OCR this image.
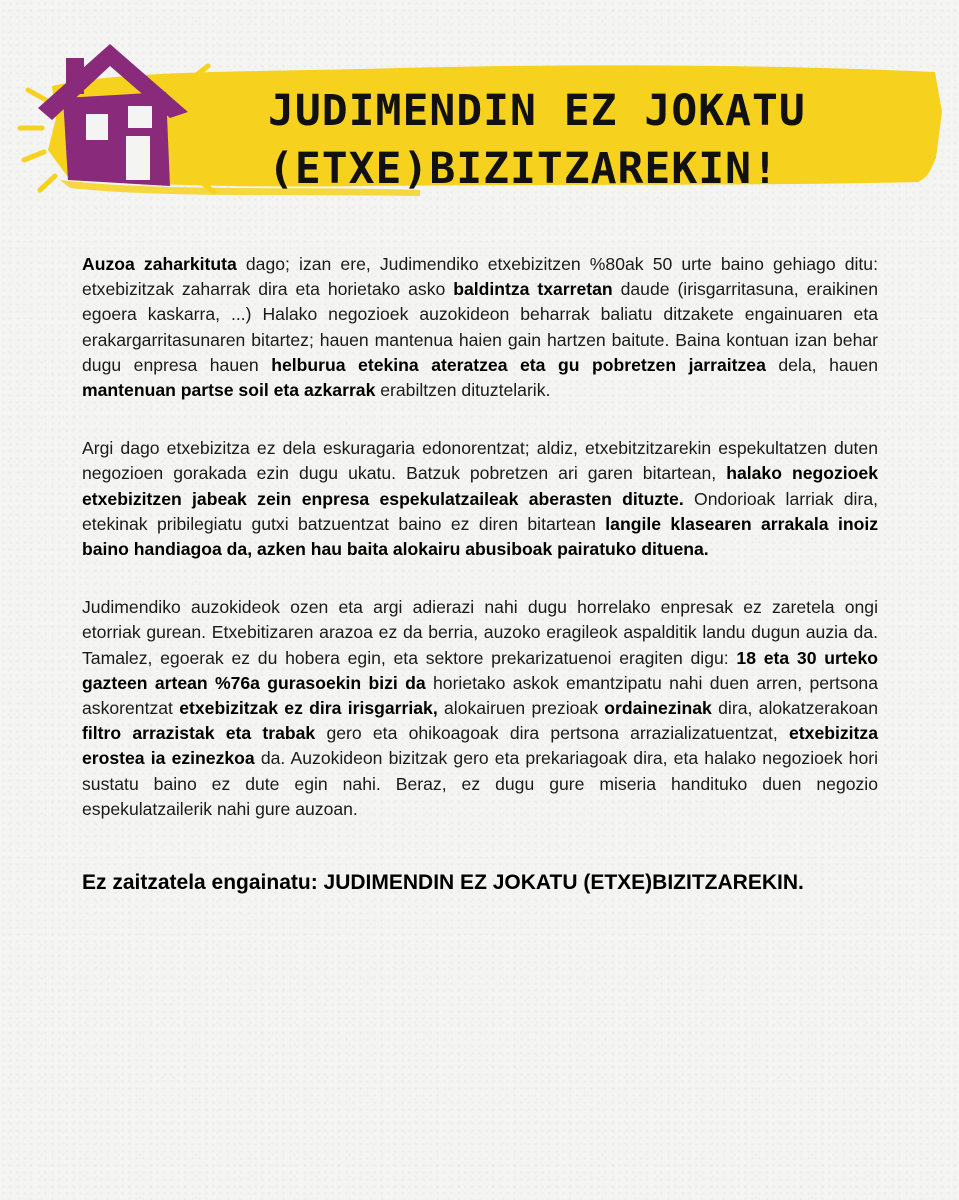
JUDIMENDIN EZ JOKATU
(ETXE)BIZITZAREKIN!

Auzoa zaharkituta dago; izan ere, Judimendiko etxebizitzen %80ak 50 urte baino gehiago ditu: etxebizitzak zaharrak dira eta horietako asko baldintza txarretan daude (irisgarritasuna, eraikinen egoera kaskarra, ...) Halako negozioek auzokideon beharrak baliatu ditzakete engainuaren eta erakargarritasunaren bitartez; hauen mantenua haien gain hartzen baitute. Baina kontuan izan behar dugu enpresa hauen helburua etekina ateratzea eta gu pobretzen jarraitzea dela, hauen mantenuan partse soil eta azkarrak erabiltzen dituztelarik.

Argi dago etxebizitza ez dela eskuragaria edonorentzat; aldiz, etxebitzitzarekin espekultatzen duten negozioen gorakada ezin dugu ukatu. Batzuk pobretzen ari garen bitartean, halako negozioek etxebizitzen jabeak zein enpresa espekulatzaileak aberasten dituzte. Ondorioak larriak dira, etekinak pribilegiatu gutxi batzuentzat baino ez diren bitartean langile klasearen arrakala inoiz baino handiagoa da, azken hau baita alokairu abusiboak pairatuko dituena.

Judimendiko auzokideok ozen eta argi adierazi nahi dugu horrelako enpresak ez zaretela ongi etorriak gurean. Etxebitizaren arazoa ez da berria, auzoko eragileok aspalditik landu dugun auzia da. Tamalez, egoerak ez du hobera egin, eta sektore prekarizatuenoi eragiten digu: 18 eta 30 urteko gazteen artean %76a gurasoekin bizi da horietako askok emantzipatu nahi duen arren, pertsona askorentzat etxebizitzak ez dira irisgarriak, alokairuen prezioak ordainezinak dira, alokatzerakoan filtro arrazistak eta trabak gero eta ohikoagoak dira pertsona arrazializatuentzat, etxebizitza erostea ia ezinezkoa da. Auzokideon bizitzak gero eta prekariagoak dira, eta halako negozioek hori sustatu baino ez dute egin nahi. Beraz, ez dugu gure miseria handituko duen negozio espekulatzailerik nahi gure auzoan.

Ez zaitzatela engainatu: JUDIMENDIN EZ JOKATU (ETXE)BIZITZAREKIN.
